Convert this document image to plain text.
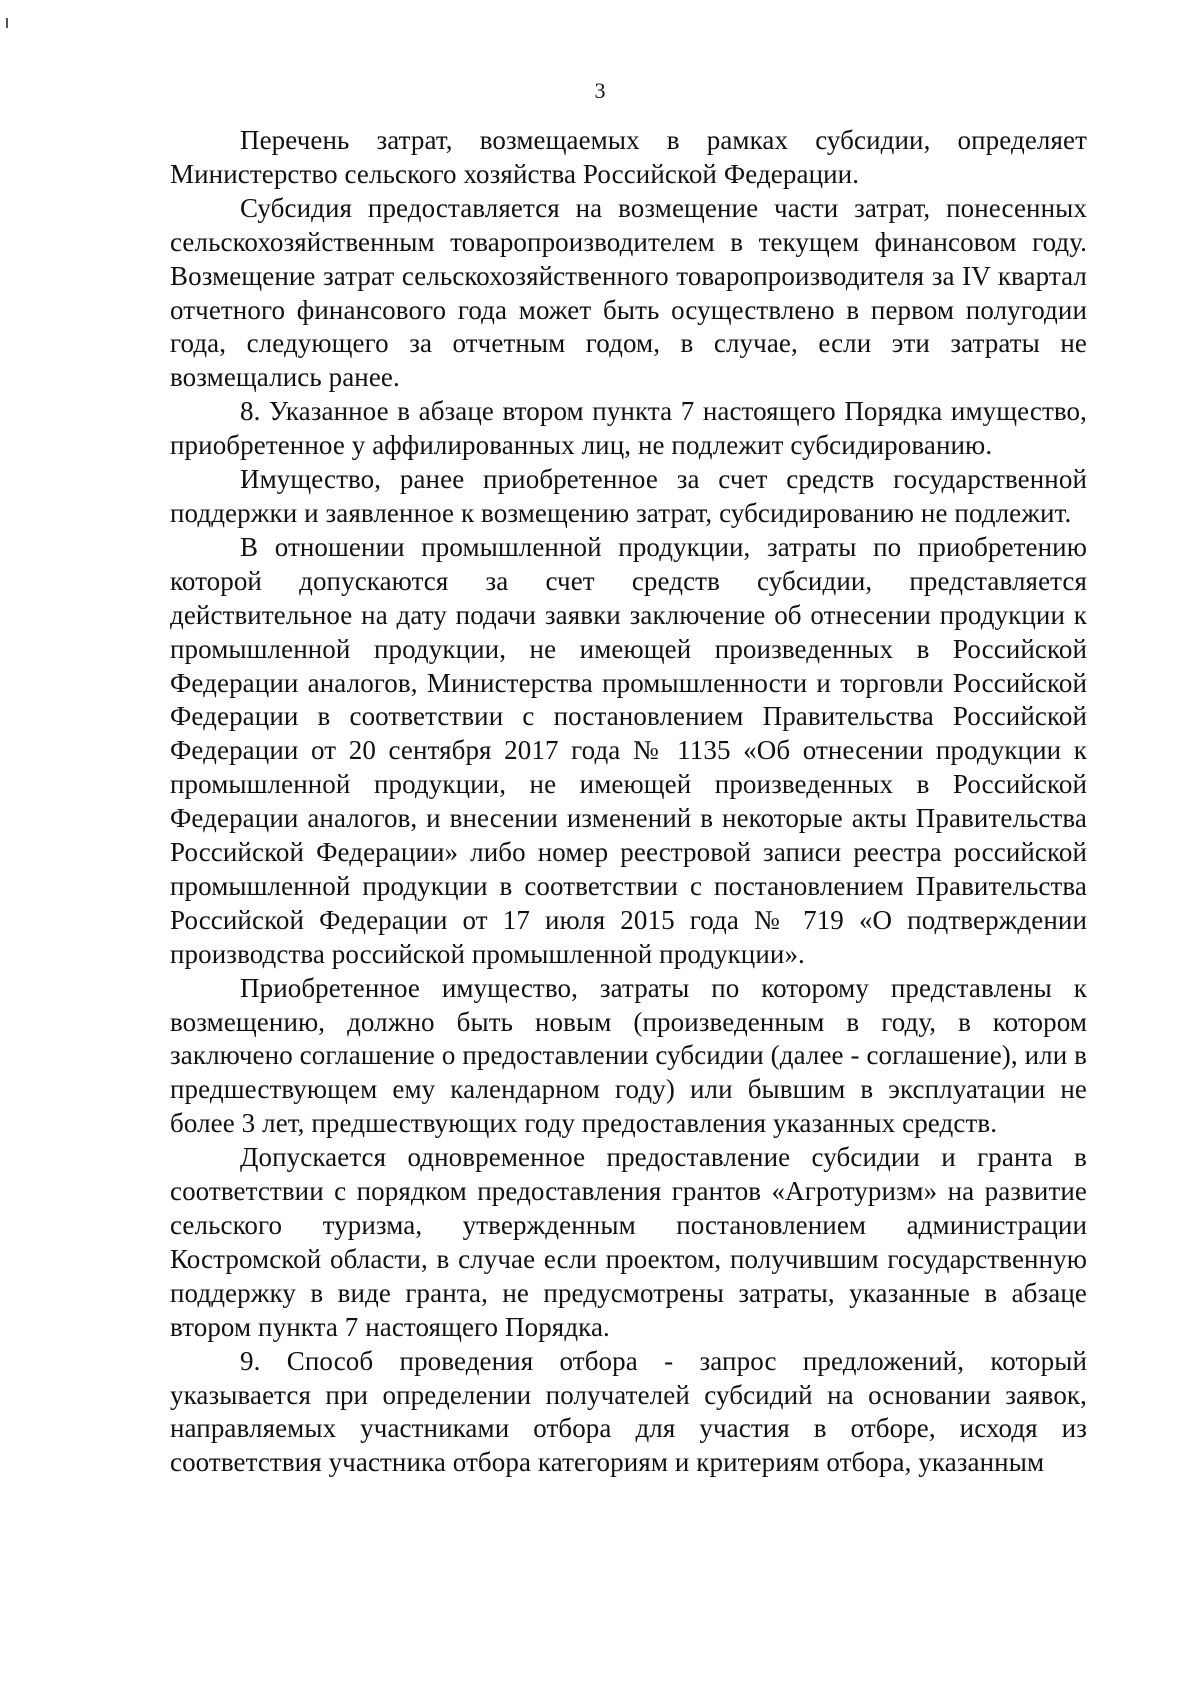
3

Перечень затрат, возмещаемых в рамках субсидии, определяет Министерство сельского хозяйства Российской Федерации.

Субсидия предоставляется на возмещение части затрат, понесенных сельскохозяйственным товаропроизводителем в текущем финансовом году. Возмещение затрат сельскохозяйственного товаропроизводителя за IV квартал отчетного финансового года может быть осуществлено в первом полугодии года, следующего за отчетным годом, в случае, если эти затраты не возмещались ранее.

8. Указанное в абзаце втором пункта 7 настоящего Порядка имущество, приобретенное у аффилированных лиц, не подлежит субсидированию.

Имущество, ранее приобретенное за счет средств государственной поддержки и заявленное к возмещению затрат, субсидированию не подлежит.

В отношении промышленной продукции, затраты по приобретению которой допускаются за счет средств субсидии, представляется действительное на дату подачи заявки заключение об отнесении продукции к промышленной продукции, не имеющей произведенных в Российской Федерации аналогов, Министерства промышленности и торговли Российской Федерации в соответствии с постановлением Правительства Российской Федерации от 20 сентября 2017 года № 1135 «Об отнесении продукции к промышленной продукции, не имеющей произведенных в Российской Федерации аналогов, и внесении изменений в некоторые акты Правительства Российской Федерации» либо номер реестровой записи реестра российской промышленной продукции в соответствии с постановлением Правительства Российской Федерации от 17 июля 2015 года № 719 «О подтверждении производства российской промышленной продукции».

Приобретенное имущество, затраты по которому представлены к возмещению, должно быть новым (произведенным в году, в котором заключено соглашение о предоставлении субсидии (далее - соглашение), или в предшествующем ему календарном году) или бывшим в эксплуатации не более 3 лет, предшествующих году предоставления указанных средств.

Допускается одновременное предоставление субсидии и гранта в соответствии с порядком предоставления грантов «Агротуризм» на развитие сельского туризма, утвержденным постановлением администрации Костромской области, в случае если проектом, получившим государственную поддержку в виде гранта, не предусмотрены затраты, указанные в абзаце втором пункта 7 настоящего Порядка.

9. Способ проведения отбора - запрос предложений, который указывается при определении получателей субсидий на основании заявок, направляемых участниками отбора для участия в отборе, исходя из соответствия участника отбора категориям и критериям отбора, указанным
